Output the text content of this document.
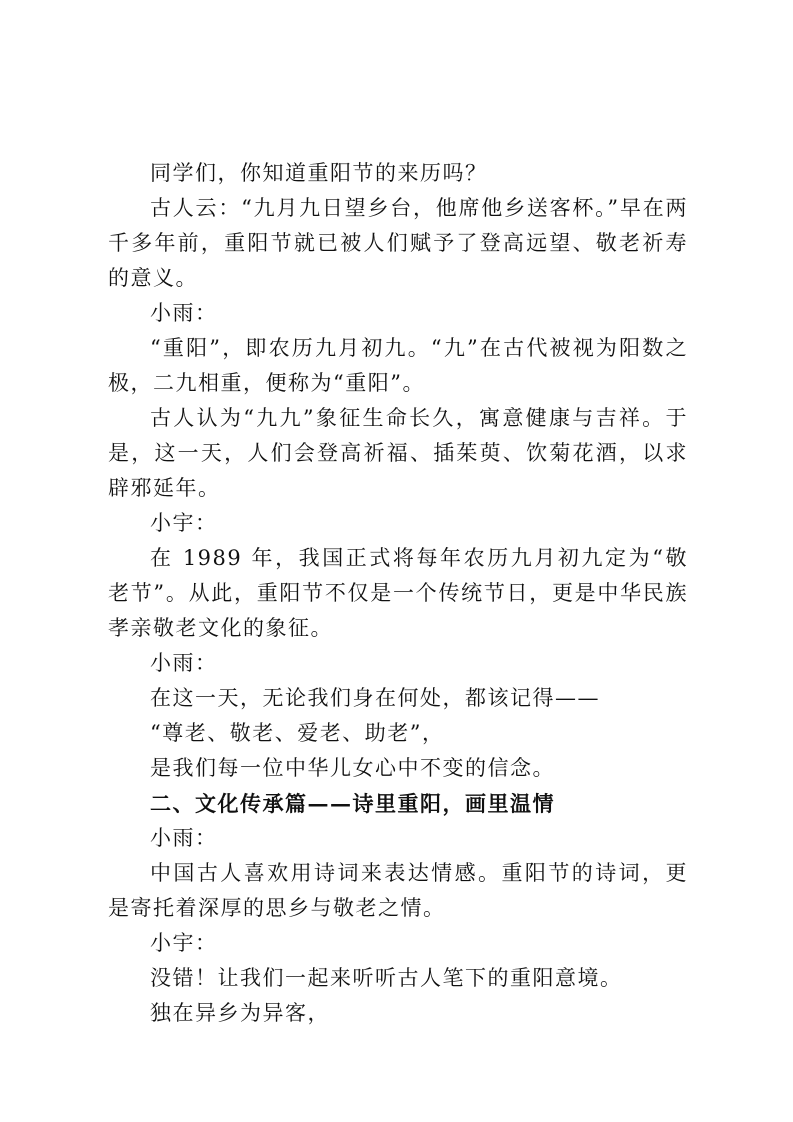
同学们，你知道重阳节的来历吗？

古人云：“九月九日望乡台，他席他乡送客杯。”早在两千多年前，重阳节就已被人们赋予了登高远望、敬老祈寿的意义。

小雨：

“重阳”，即农历九月初九。“九”在古代被视为阳数之极，二九相重，便称为“重阳”。

古人认为“九九”象征生命长久，寓意健康与吉祥。于是，这一天，人们会登高祈福、插茱萸、饮菊花酒，以求辟邪延年。

小宇：

在 1989 年，我国正式将每年农历九月初九定为“敬老节”。从此，重阳节不仅是一个传统节日，更是中华民族孝亲敬老文化的象征。

小雨：

在这一天，无论我们身在何处，都该记得——

“尊老、敬老、爱老、助老”，

是我们每一位中华儿女心中不变的信念。

二、文化传承篇——诗里重阳，画里温情

小雨：

中国古人喜欢用诗词来表达情感。重阳节的诗词，更是寄托着深厚的思乡与敬老之情。

小宇：

没错！让我们一起来听听古人笔下的重阳意境。

独在异乡为异客，
